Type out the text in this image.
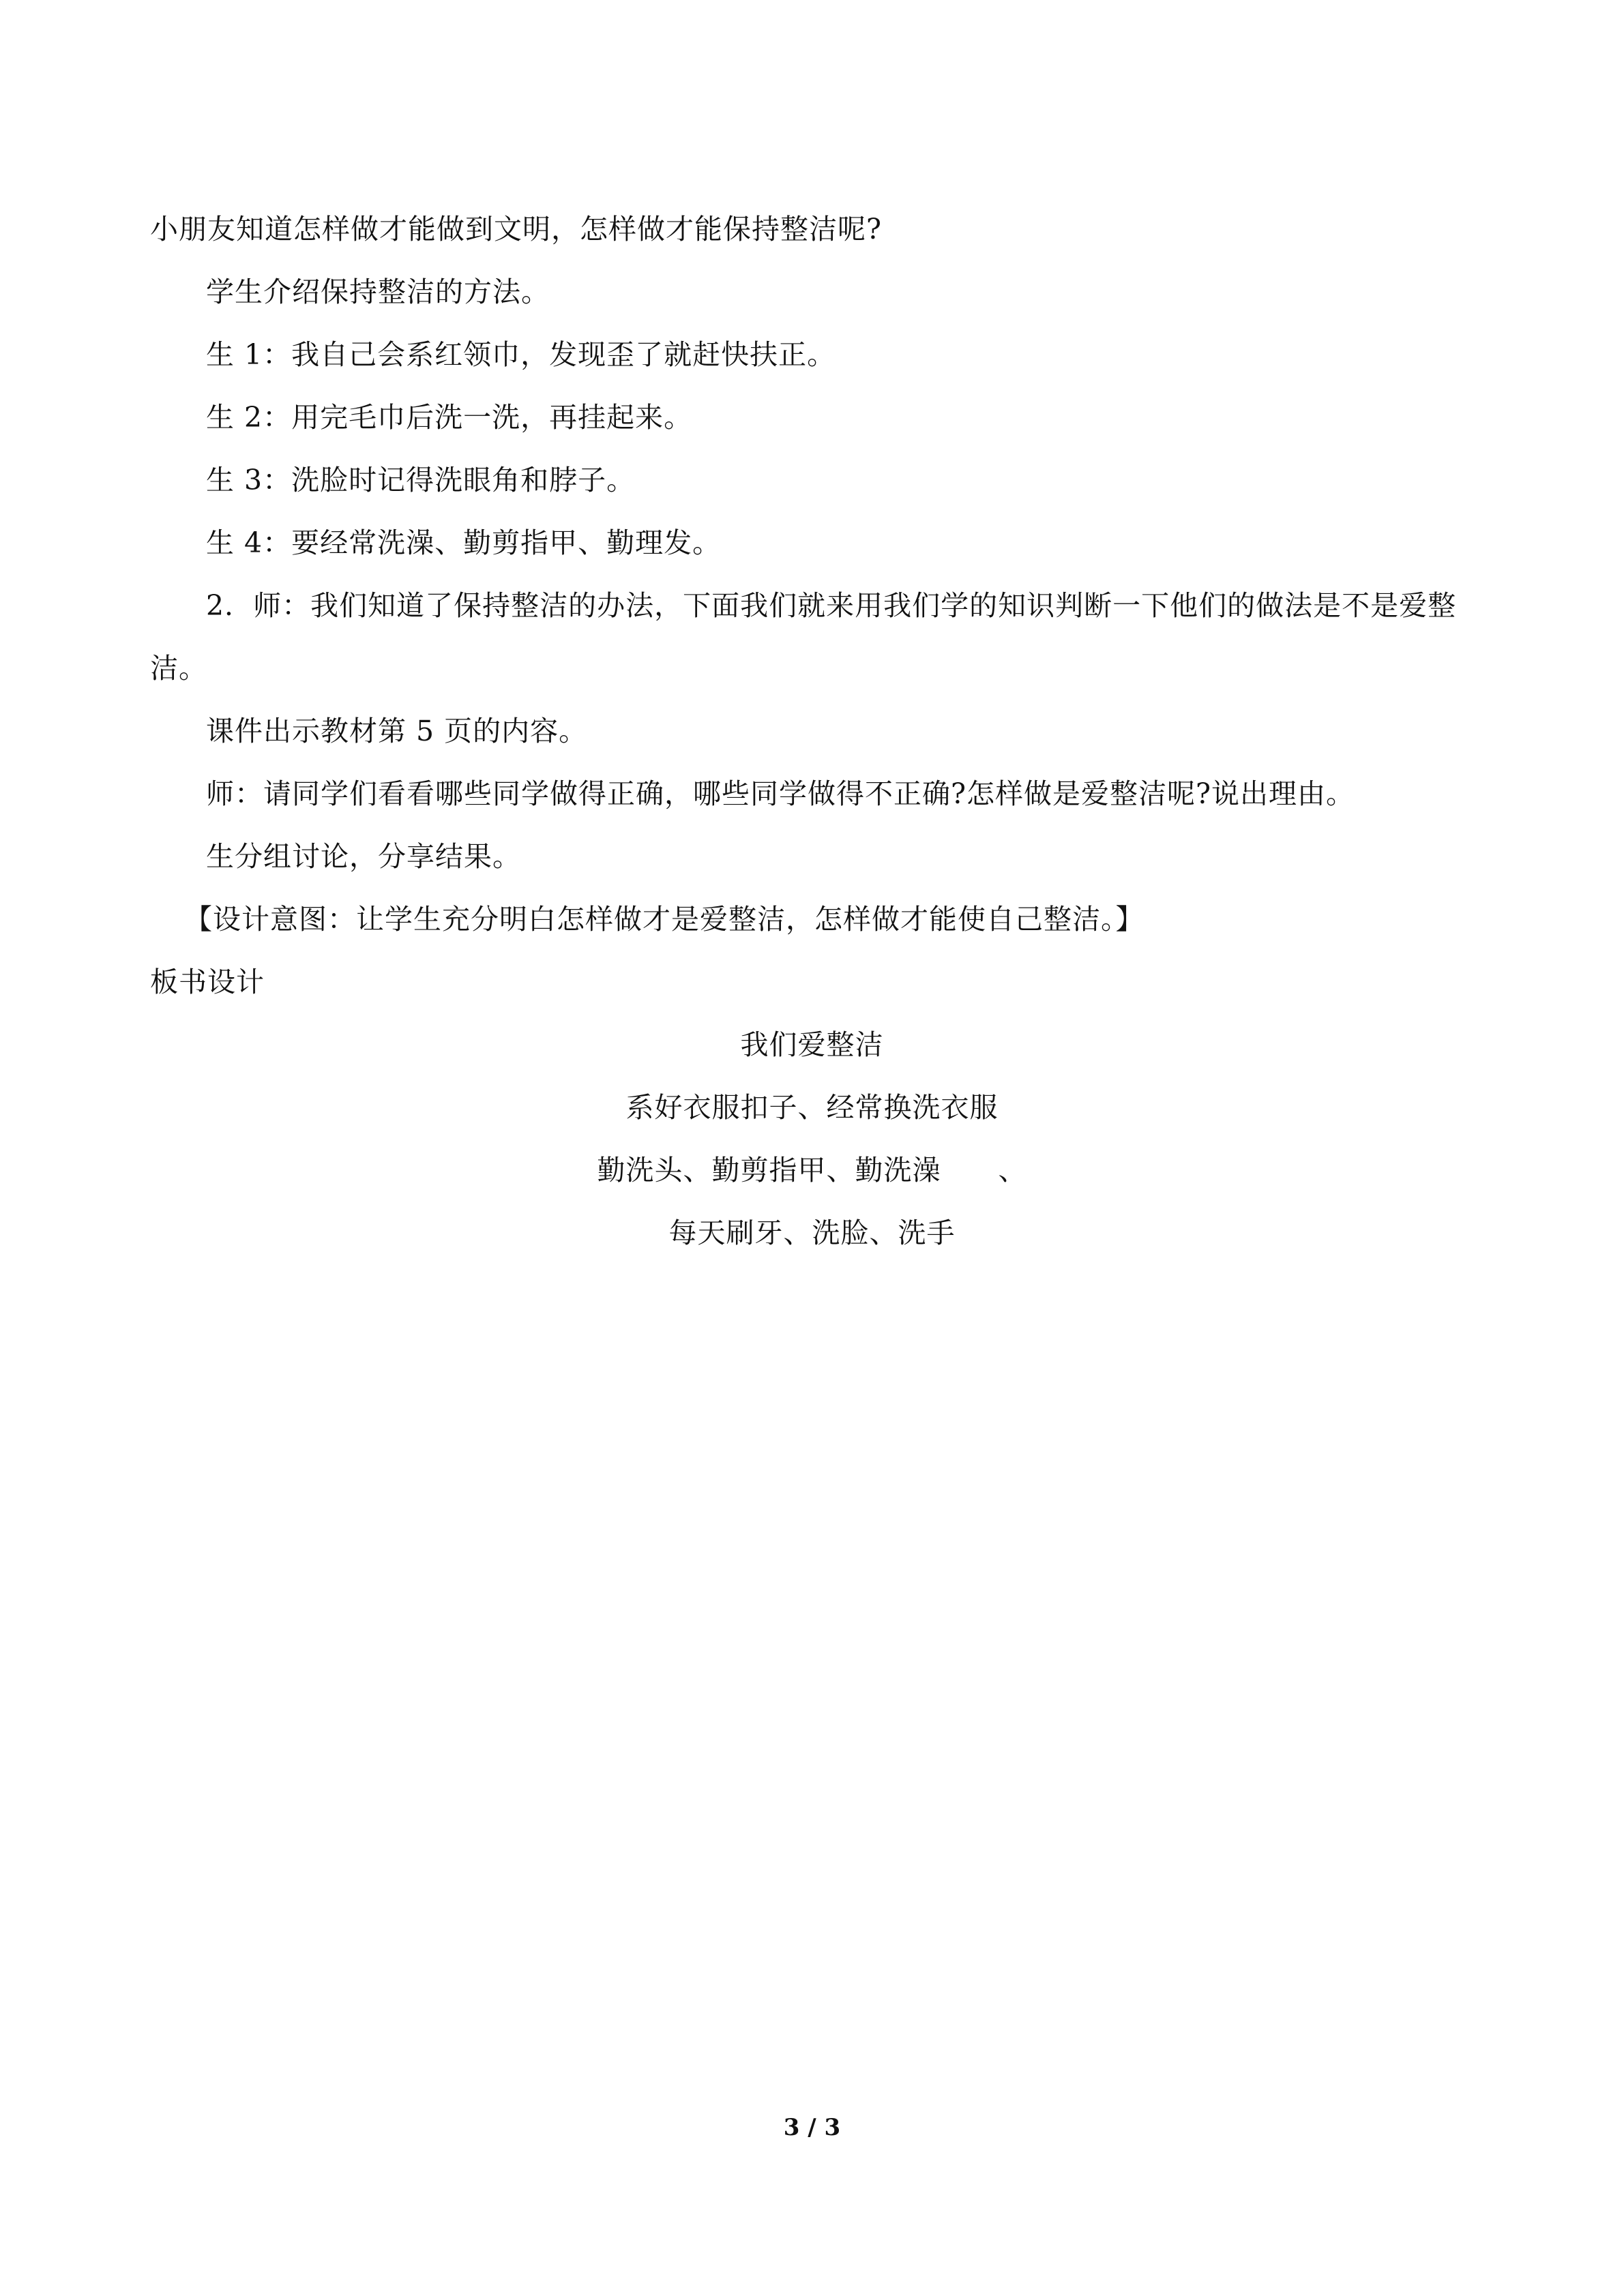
小朋友知道怎样做才能做到文明，怎样做才能保持整洁呢?
学生介绍保持整洁的方法。
生 1：我自己会系红领巾，发现歪了就赶快扶正。
生 2：用完毛巾后洗一洗，再挂起来。
生 3：洗脸时记得洗眼角和脖子。
生 4：要经常洗澡、勤剪指甲、勤理发。
2．师：我们知道了保持整洁的办法，下面我们就来用我们学的知识判断一下他们的做法是不是爱整
洁。
课件出示教材第 5 页的内容。
师：请同学们看看哪些同学做得正确，哪些同学做得不正确?怎样做是爱整洁呢?说出理由。
生分组讨论，分享结果。
【设计意图：让学生充分明白怎样做才是爱整洁，怎样做才能使自己整洁。】
板书设计
我们爱整洁
系好衣服扣子、经常换洗衣服
勤洗头、勤剪指甲、勤洗澡　　、
每天刷牙、洗脸、洗手
3 / 3
